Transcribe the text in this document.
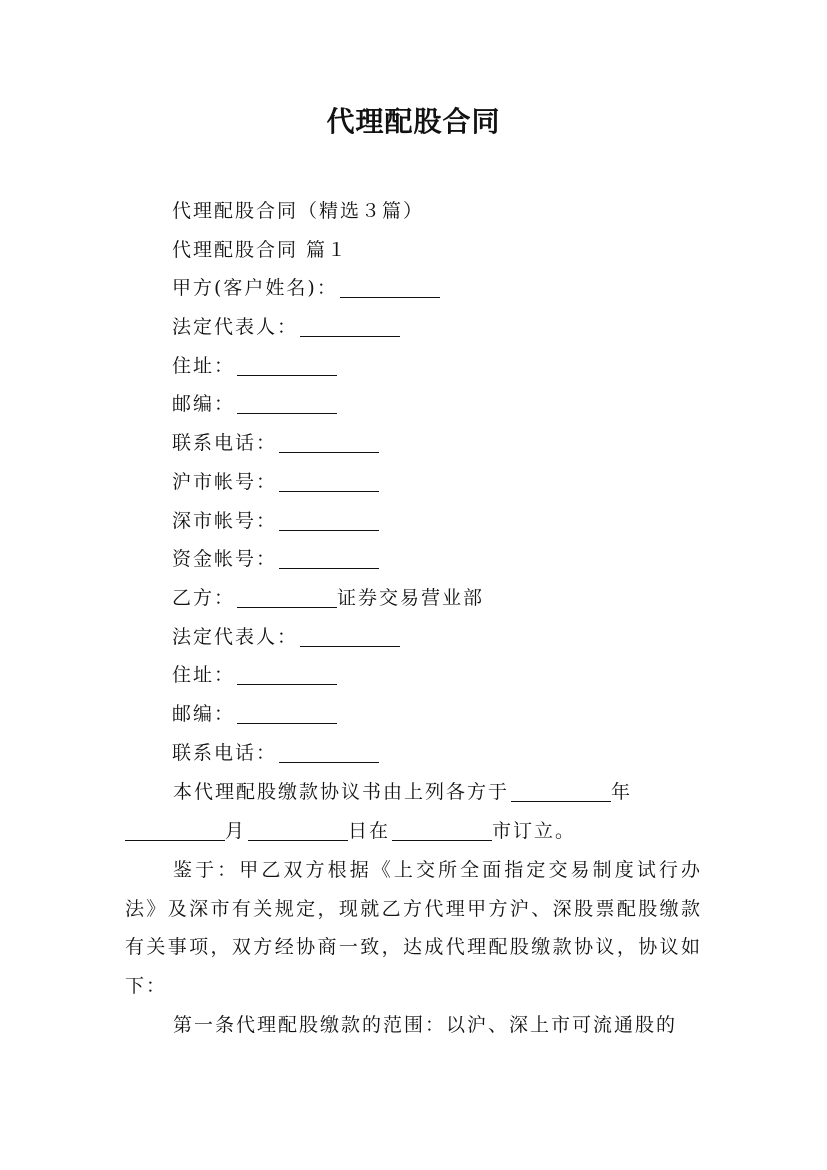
代理配股合同
代理配股合同（精选３篇）
代理配股合同 篇１
甲方(客户姓名)：
法定代表人：
住址：
邮编：
联系电话：
沪市帐号：
深市帐号：
资金帐号：
乙方：	证券交易营业部
法定代表人：
住址：
邮编：
联系电话：
本代理配股缴款协议书由上列各方于	年
月	日在	市订立。
鉴于：甲乙双方根据《上交所全面指定交易制度试行办法》及深市有关规定，现就乙方代理甲方沪、深股票配股缴款有关事项，双方经协商一致，达成代理配股缴款协议，协议如下：
第一条代理配股缴款的范围：以沪、深上市可流通股的
